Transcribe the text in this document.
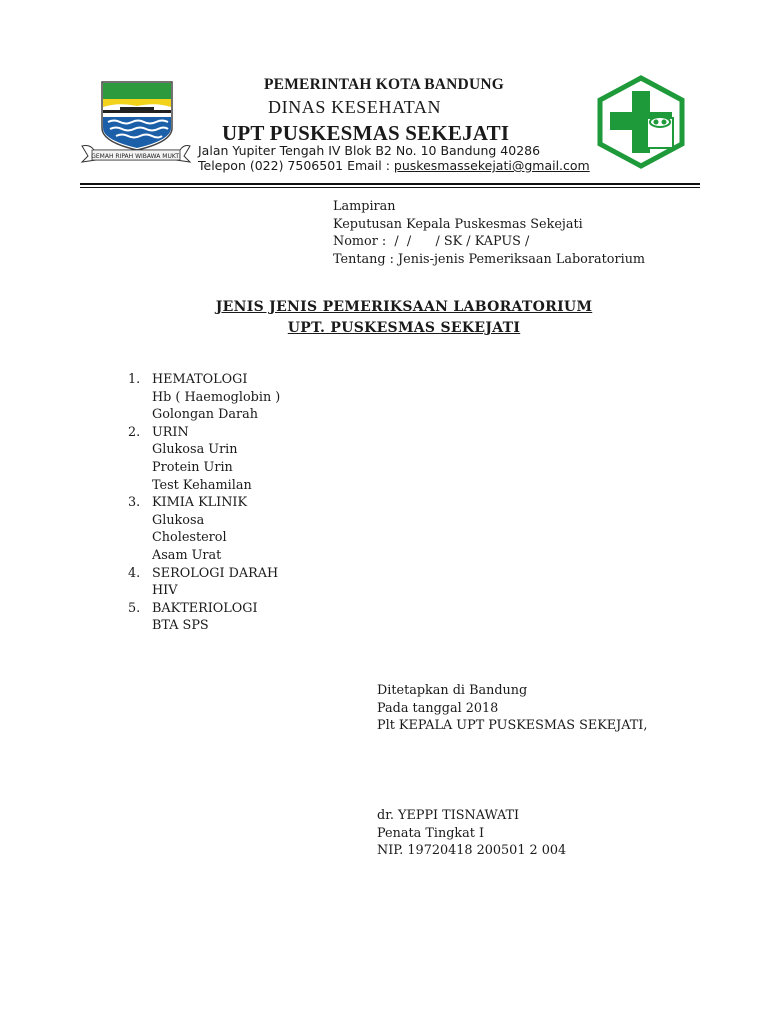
GEMAH RIPAH WIBAWA MUKTI
PEMERINTAH KOTA BANDUNG
DINAS KESEHATAN
UPT PUSKESMAS SEKEJATI
Jalan Yupiter Tengah IV Blok B2 No. 10 Bandung 40286
Telepon (022) 7506501 Email : puskesmassekejati@gmail.com
Lampiran
Keputusan Kepala Puskesmas Sekejati
Nomor :  /  /      / SK / KAPUS /
Tentang : Jenis-jenis Pemeriksaan Laboratorium
JENIS JENIS PEMERIKSAAN LABORATORIUM
UPT. PUSKESMAS SEKEJATI
1. HEMATOLOGI
Hb ( Haemoglobin )
Golongan Darah
2. URIN
Glukosa Urin
Protein Urin
Test Kehamilan
3. KIMIA KLINIK
Glukosa
Cholesterol
Asam Urat
4. SEROLOGI DARAH
HIV
5. BAKTERIOLOGI
BTA SPS
Ditetapkan di Bandung
Pada tanggal 2018
Plt KEPALA UPT PUSKESMAS SEKEJATI,
dr. YEPPI TISNAWATI
Penata Tingkat I
NIP. 19720418 200501 2 004
